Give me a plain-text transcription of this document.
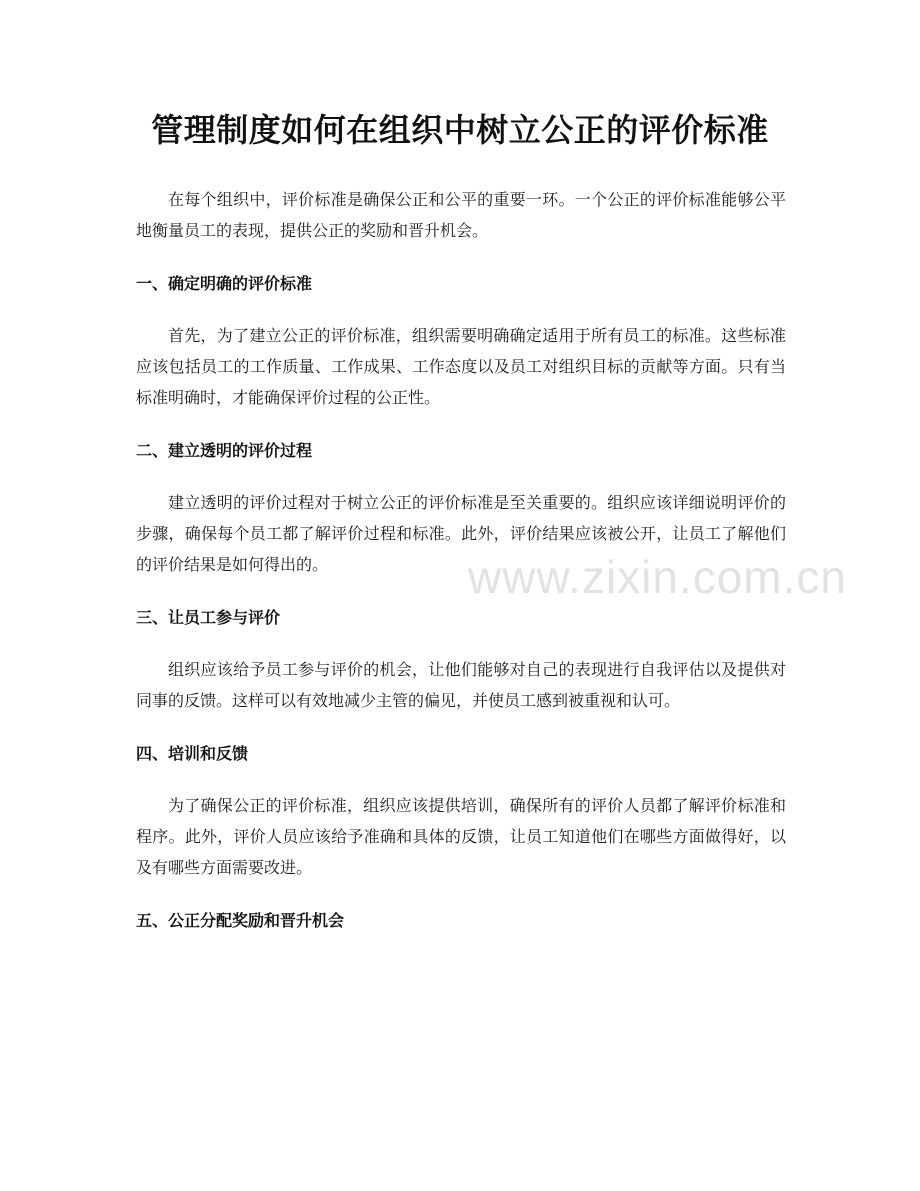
管理制度如何在组织中树立公正的评价标准

在每个组织中，评价标准是确保公正和公平的重要一环。一个公正的评价标准能够公平地衡量员工的表现，提供公正的奖励和晋升机会。

一、确定明确的评价标准

首先，为了建立公正的评价标准，组织需要明确确定适用于所有员工的标准。这些标准应该包括员工的工作质量、工作成果、工作态度以及员工对组织目标的贡献等方面。只有当标准明确时，才能确保评价过程的公正性。

二、建立透明的评价过程

建立透明的评价过程对于树立公正的评价标准是至关重要的。组织应该详细说明评价的步骤，确保每个员工都了解评价过程和标准。此外，评价结果应该被公开，让员工了解他们的评价结果是如何得出的。

三、让员工参与评价

组织应该给予员工参与评价的机会，让他们能够对自己的表现进行自我评估以及提供对同事的反馈。这样可以有效地减少主管的偏见，并使员工感到被重视和认可。

四、培训和反馈

为了确保公正的评价标准，组织应该提供培训，确保所有的评价人员都了解评价标准和程序。此外，评价人员应该给予准确和具体的反馈，让员工知道他们在哪些方面做得好，以及有哪些方面需要改进。

五、公正分配奖励和晋升机会
www.zixin.com.cn
